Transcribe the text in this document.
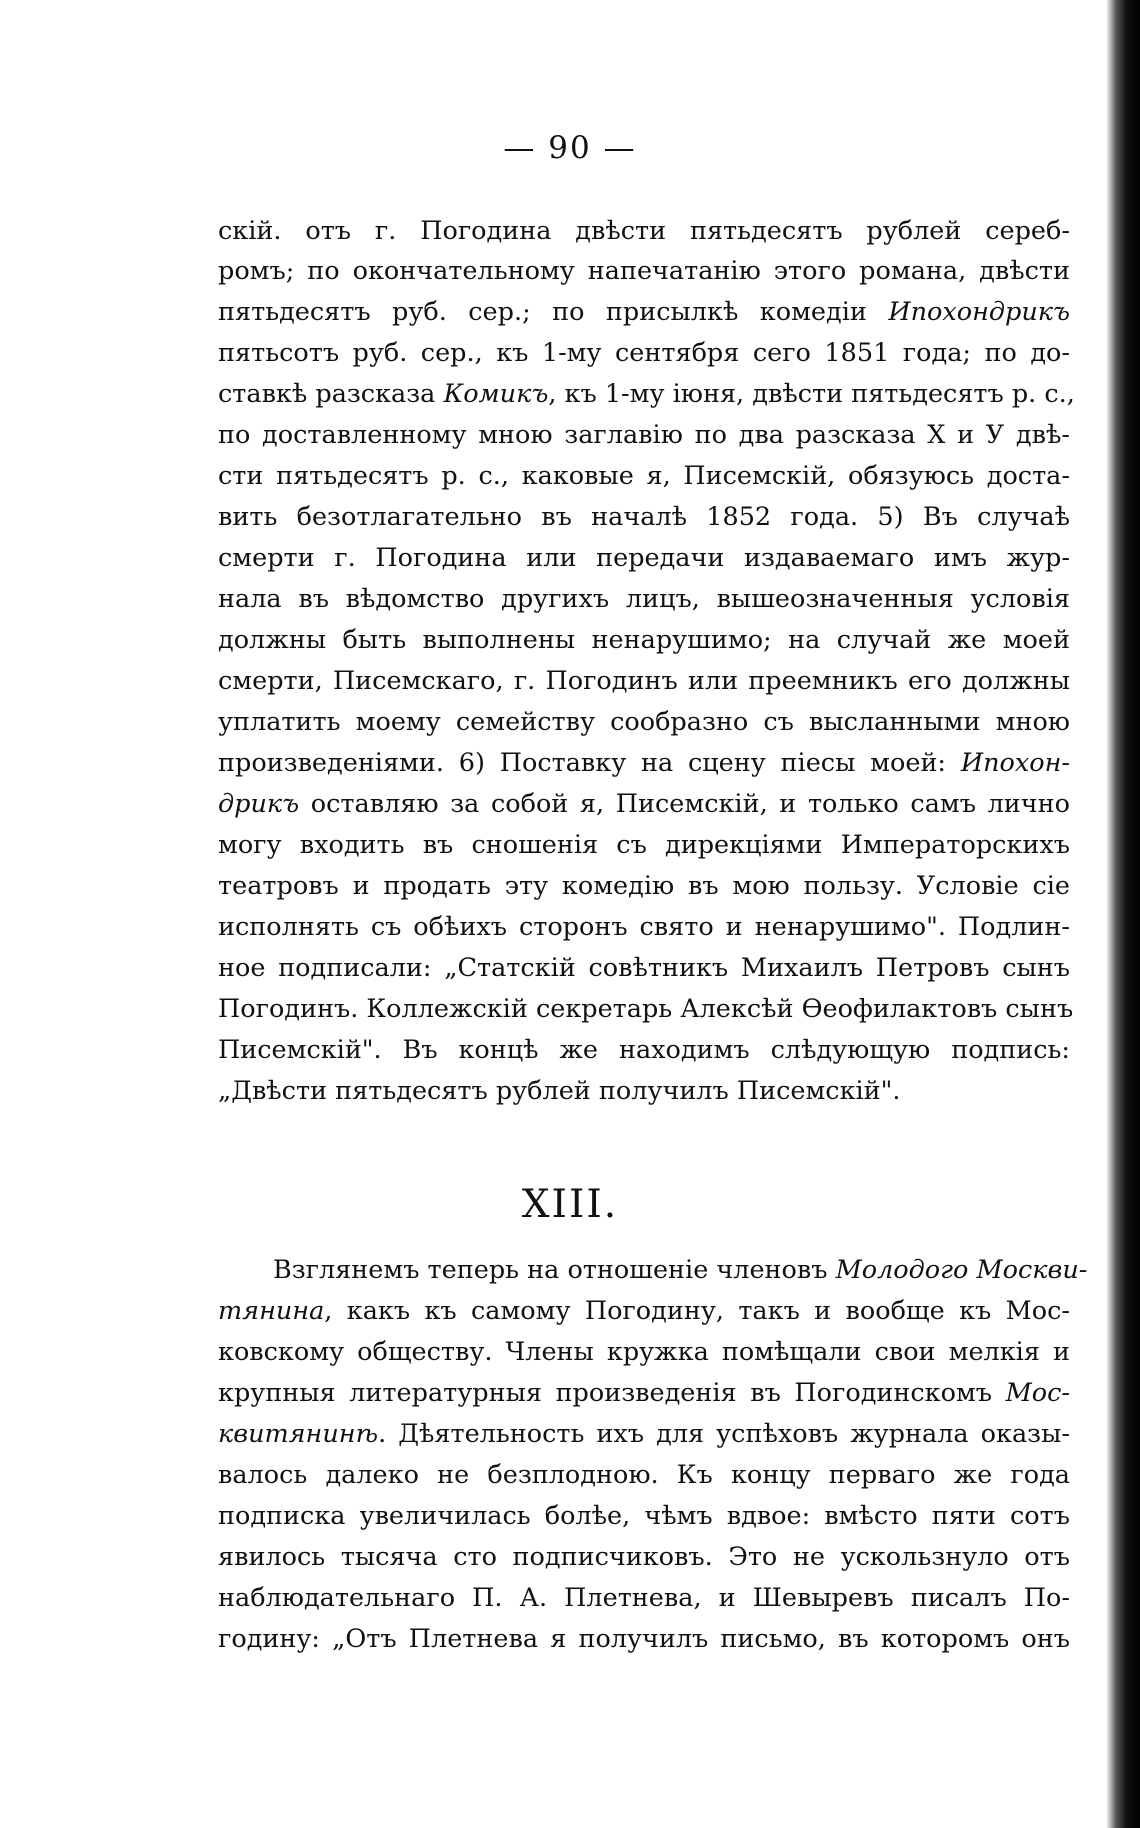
— 90 —
скій. отъ г. Погодина двѣсти пятьдесятъ рублей сереб-
ромъ; по окончательному напечатанію этого романа, двѣсти
пятьдесятъ руб. сер.; по присылкѣ комедіи Ипохондрикъ
пятьсотъ руб. сер., къ 1-му сентября сего 1851 года; по до-
ставкѣ разсказа Комикъ, къ 1-му іюня, двѣсти пятьдесятъ р. с.,
по доставленному мною заглавію по два разсказа X и У двѣ-
сти пятьдесятъ р. с., каковые я, Писемскій, обязуюсь доста-
вить безотлагательно въ началѣ 1852 года. 5) Въ случаѣ
смерти г. Погодина или передачи издаваемаго имъ жур-
нала въ вѣдомство другихъ лицъ, вышеозначенныя условія
должны быть выполнены ненарушимо; на случай же моей
смерти, Писемскаго, г. Погодинъ или преемникъ его должны
уплатить моему семейству сообразно съ высланными мною
произведеніями. 6) Поставку на сцену піесы моей: Ипохон-
дрикъ оставляю за собой я, Писемскій, и только самъ лично
могу входить въ сношенія съ дирекціями Императорскихъ
театровъ и продать эту комедію въ мою пользу. Условіе сіе
исполнять съ обѣихъ сторонъ свято и ненарушимо". Подлин-
ное подписали: „Статскій совѣтникъ Михаилъ Петровъ сынъ
Погодинъ. Коллежскій секретарь Алексѣй Ѳеофилактовъ сынъ
Писемскій". Въ концѣ же находимъ слѣдующую подпись:
„Двѣсти пятьдесятъ рублей получилъ Писемскій".
XIII.
Взглянемъ теперь на отношеніе членовъ Молодого Москви-
тянина, какъ къ самому Погодину, такъ и вообще къ Мос-
ковскому обществу. Члены кружка помѣщали свои мелкія и
крупныя литературныя произведенія въ Погодинскомъ Мос-
квитянинѣ. Дѣятельность ихъ для успѣховъ журнала оказы-
валось далеко не безплодною. Къ концу перваго же года
подписка увеличилась болѣе, чѣмъ вдвое: вмѣсто пяти сотъ
явилось тысяча сто подписчиковъ. Это не ускользнуло отъ
наблюдательнаго П. А. Плетнева, и Шевыревъ писалъ По-
годину: „Отъ Плетнева я получилъ письмо, въ которомъ онъ
